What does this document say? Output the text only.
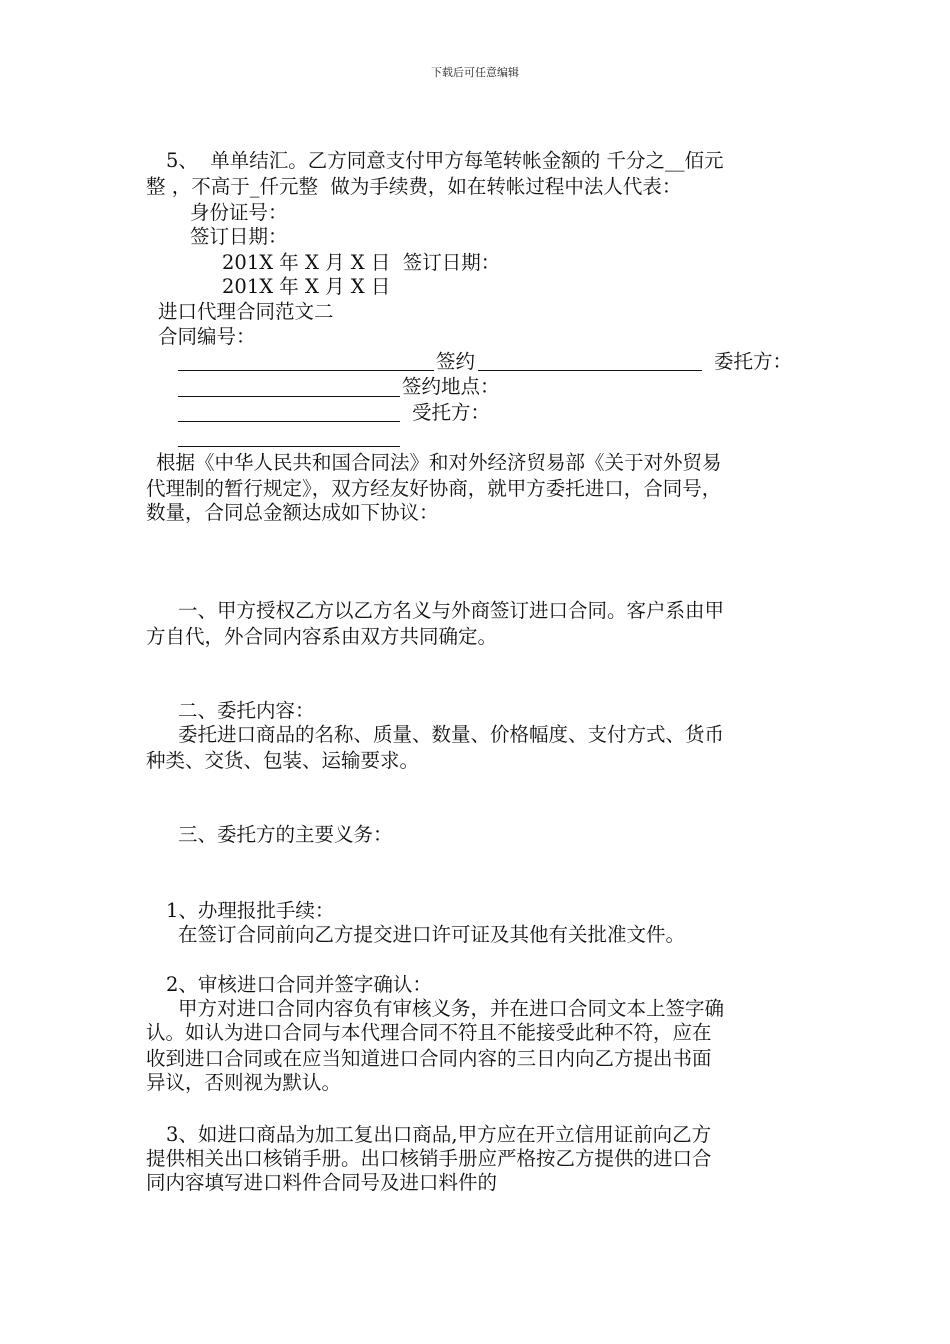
下载后可任意编辑
5、  单单结汇。乙方同意支付甲方每笔转帐金额的 千分之__佰元
整 ，不高于_仟元整  做为手续费，如在转帐过程中法人代表：
身份证号：
签订日期：
201X 年 X 月 X 日  签订日期：
201X 年 X 月 X 日
进口代理合同范文二
合同编号：
签约	委托方：
签约地点：
受托方：
根据《中华人民共和国合同法》和对外经济贸易部《关于对外贸易
代理制的暂行规定》，双方经友好协商，就甲方委托进口，合同号，
数量，合同总金额达成如下协议：
一、甲方授权乙方以乙方名义与外商签订进口合同。客户系由甲
方自代，外合同内容系由双方共同确定。
二、委托内容：
委托进口商品的名称、质量、数量、价格幅度、支付方式、货币
种类、交货、包装、运输要求。
三、委托方的主要义务：
1、办理报批手续：
在签订合同前向乙方提交进口许可证及其他有关批准文件。
2、审核进口合同并签字确认：
甲方对进口合同内容负有审核义务，并在进口合同文本上签字确
认。如认为进口合同与本代理合同不符且不能接受此种不符，应在
收到进口合同或在应当知道进口合同内容的三日内向乙方提出书面
异议，否则视为默认。
3、如进口商品为加工复出口商品,甲方应在开立信用证前向乙方
提供相关出口核销手册。出口核销手册应严格按乙方提供的进口合
同内容填写进口料件合同号及进口料件的
